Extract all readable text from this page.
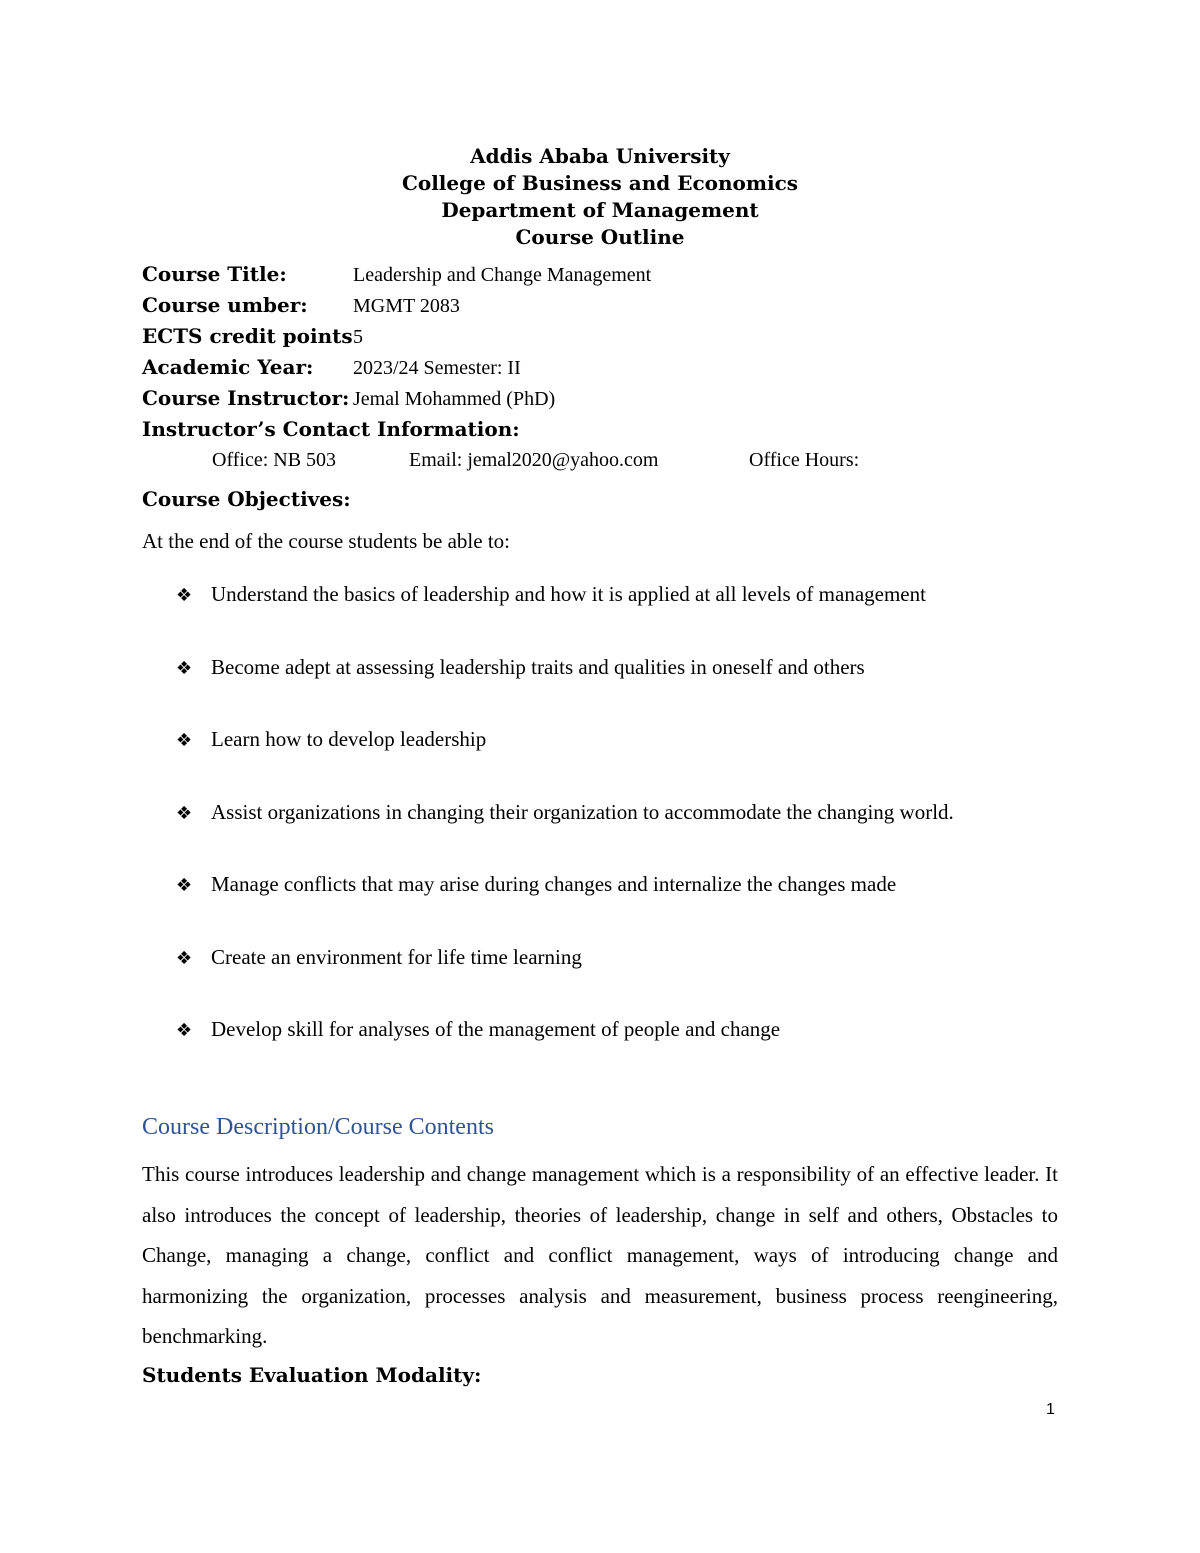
Addis Ababa University
College of Business and Economics
Department of Management
Course Outline
Course Title:	Leadership and Change Management
Course umber: MGMT 2083
ECTS credit points5
Academic Year: 2023/24 Semester: II
Course Instructor: Jemal Mohammed (PhD)
Instructor’s Contact Information:
Office: NB 503	Email: jemal2020@yahoo.com	Office Hours:
Course Objectives:
At the end of the course students be able to:
❖ Understand the basics of leadership and how it is applied at all levels of management
❖ Become adept at assessing leadership traits and qualities in oneself and others
❖ Learn how to develop leadership
❖ Assist organizations in changing their organization to accommodate the changing world.
❖ Manage conflicts that may arise during changes and internalize the changes made
❖ Create an environment for life time learning
❖ Develop skill for analyses of the management of people and change
Course Description/Course Contents

This course introduces leadership and change management which is a responsibility of an effective leader. It also introduces the concept of leadership, theories of leadership, change in self and others, Obstacles to Change, managing a change, conflict and conflict management, ways of introducing change and harmonizing the organization, processes analysis and measurement, business process reengineering, benchmarking.

Students Evaluation Modality:
1
